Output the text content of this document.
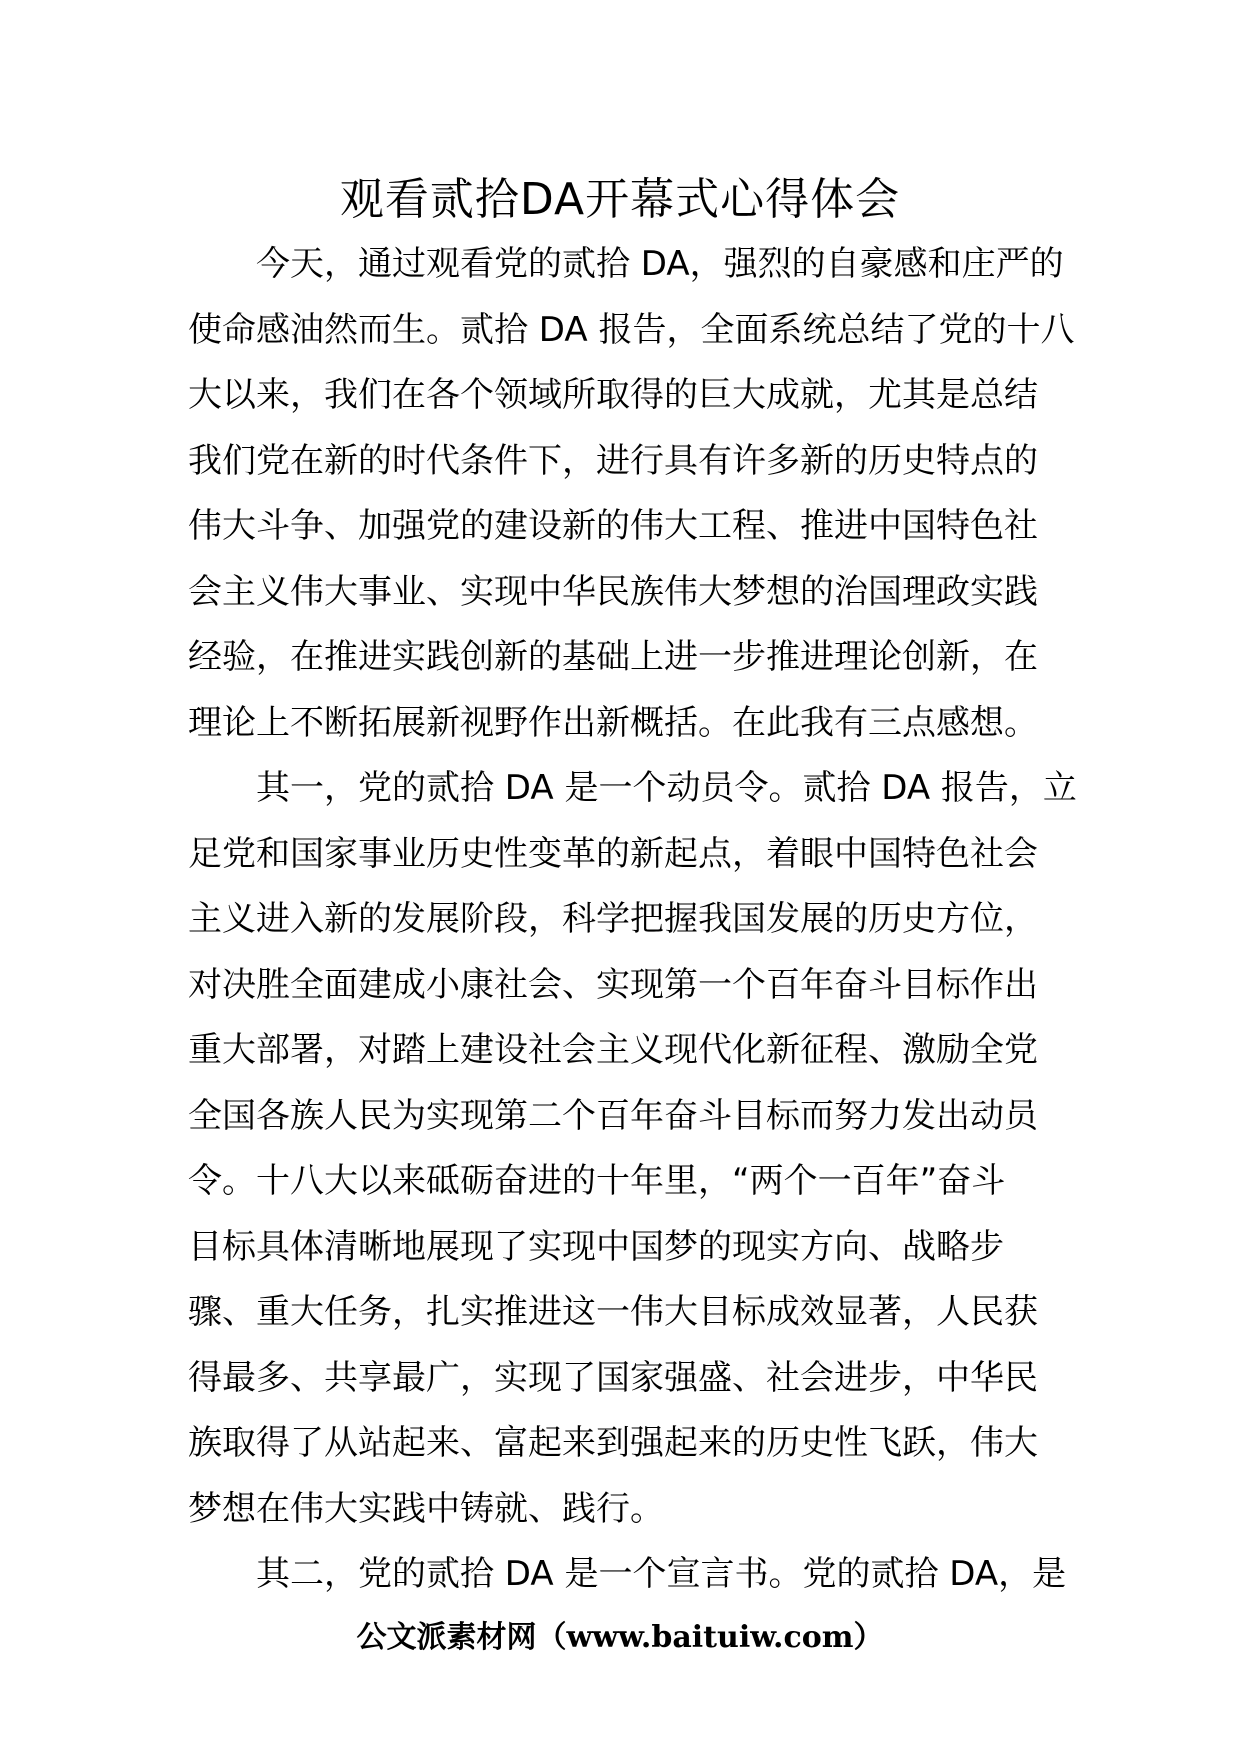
观看贰拾DA开幕式心得体会
今天，通过观看党的贰拾 DA，强烈的自豪感和庄严的
使命感油然而生。贰拾 DA 报告，全面系统总结了党的十八
大以来，我们在各个领域所取得的巨大成就，尤其是总结
我们党在新的时代条件下，进行具有许多新的历史特点的
伟大斗争、加强党的建设新的伟大工程、推进中国特色社
会主义伟大事业、实现中华民族伟大梦想的治国理政实践
经验，在推进实践创新的基础上进一步推进理论创新，在
理论上不断拓展新视野作出新概括。在此我有三点感想。
其一，党的贰拾 DA 是一个动员令。贰拾 DA 报告，立
足党和国家事业历史性变革的新起点，着眼中国特色社会
主义进入新的发展阶段，科学把握我国发展的历史方位，
对决胜全面建成小康社会、实现第一个百年奋斗目标作出
重大部署，对踏上建设社会主义现代化新征程、激励全党
全国各族人民为实现第二个百年奋斗目标而努力发出动员
令。十八大以来砥砺奋进的十年里，“两个一百年”奋斗
目标具体清晰地展现了实现中国梦的现实方向、战略步
骤、重大任务，扎实推进这一伟大目标成效显著，人民获
得最多、共享最广，实现了国家强盛、社会进步，中华民
族取得了从站起来、富起来到强起来的历史性飞跃，伟大
梦想在伟大实践中铸就、践行。
其二，党的贰拾 DA 是一个宣言书。党的贰拾 DA，是
公文派素材网（www.baituiw.com）
